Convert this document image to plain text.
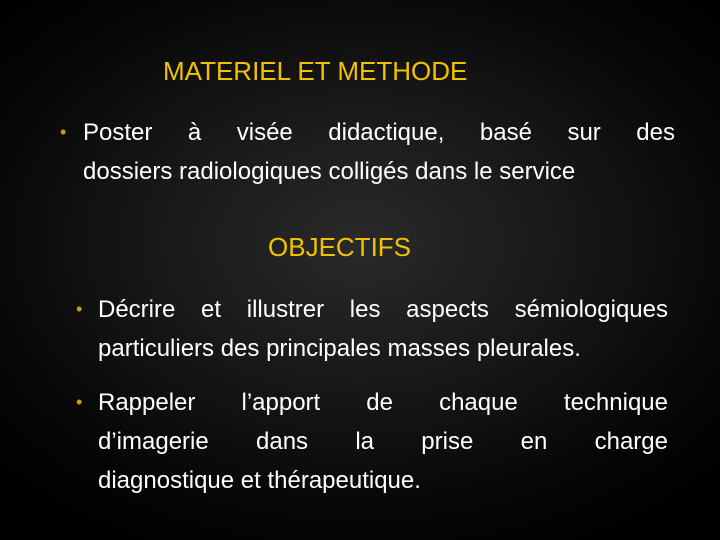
MATERIEL ET METHODE
• Poster à visée didactique, basé sur des
dossiers radiologiques colligés dans le service
OBJECTIFS
• Décrire et illustrer les aspects sémiologiques
particuliers des principales masses pleurales.
• Rappeler l’apport de chaque technique
d’imagerie dans la prise en charge
diagnostique et thérapeutique.
